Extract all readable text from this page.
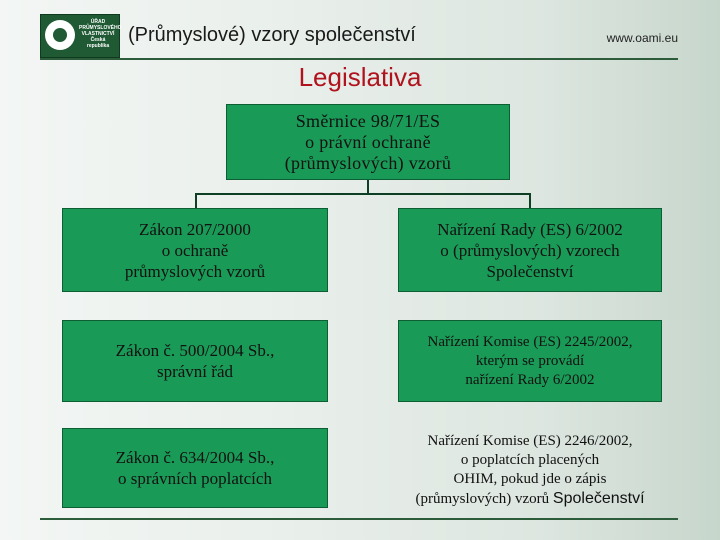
ÚŘAD
PRŮMYSLOVÉHO
VLASTNICTVÍ
Česká republika (Průmyslové) vzory společenství	www.oami.eu
Legislativa
Směrnice 98/71/ES
o právní ochraně
(průmyslových) vzorů
Zákon 207/2000
o ochraně
průmyslových vzorů
Zákon č. 500/2004 Sb.,
správní řád
Zákon č. 634/2004 Sb.,
o správních poplatcích
Nařízení Rady (ES) 6/2002
o (průmyslových) vzorech
Společenství
Nařízení Komise (ES) 2245/2002,
kterým se provádí
nařízení Rady 6/2002
Nařízení Komise (ES) 2246/2002,
o poplatcích placených
OHIM, pokud jde o zápis
(průmyslových) vzorů Společenství
